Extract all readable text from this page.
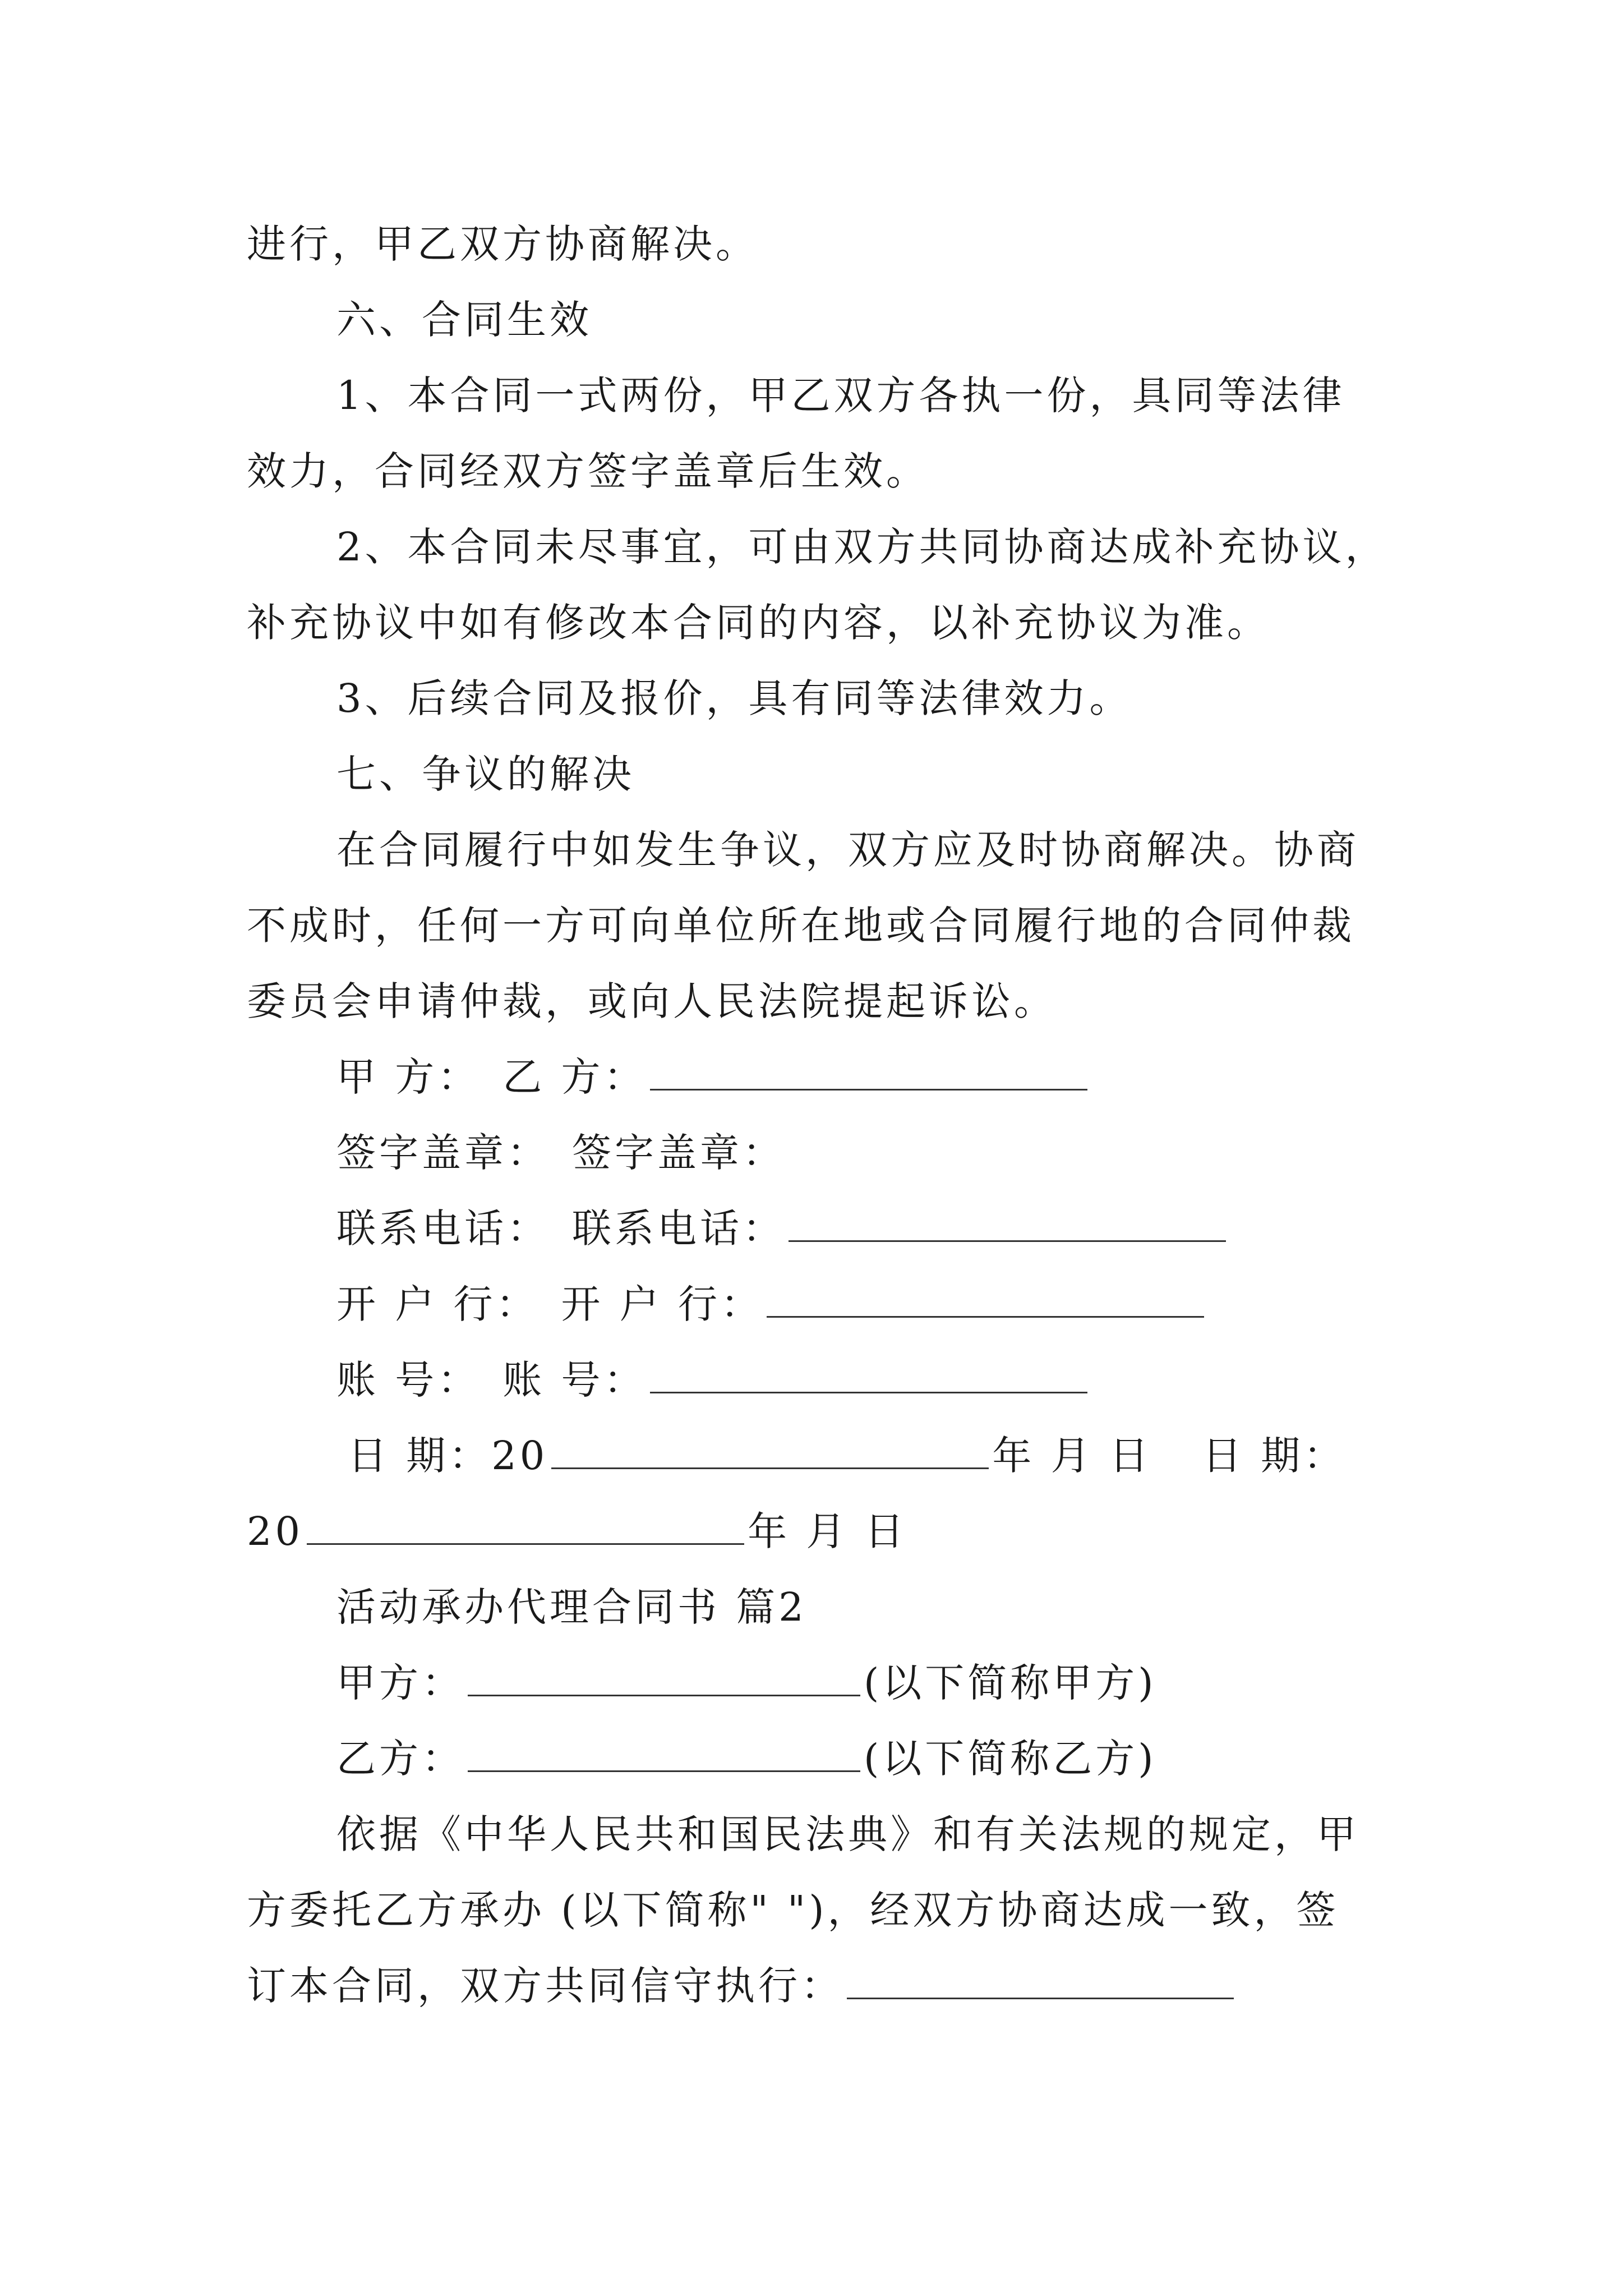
进行，甲乙双方协商解决。
六、合同生效
1、本合同一式两份，甲乙双方各执一份，具同等法律
效力，合同经双方签字盖章后生效。
2、本合同未尽事宜，可由双方共同协商达成补充协议，
补充协议中如有修改本合同的内容，以补充协议为准。
3、后续合同及报价，具有同等法律效力。
七、争议的解决
在合同履行中如发生争议，双方应及时协商解决。协商
不成时，任何一方可向单位所在地或合同履行地的合同仲裁
委员会申请仲裁，或向人民法院提起诉讼。
甲 方： 乙 方：
签字盖章： 签字盖章：
联系电话： 联系电话：
开 户 行： 开 户 行：
账 号： 账 号：
日 期：20	年 月 日 日 期：
20	年 月 日
活动承办代理合同书 篇2
甲方：	(以下简称甲方)
乙方：	(以下简称乙方)
依据《中华人民共和国民法典》和有关法规的规定，甲
方委托乙方承办 (以下简称" ")，经双方协商达成一致，签
订本合同，双方共同信守执行：
